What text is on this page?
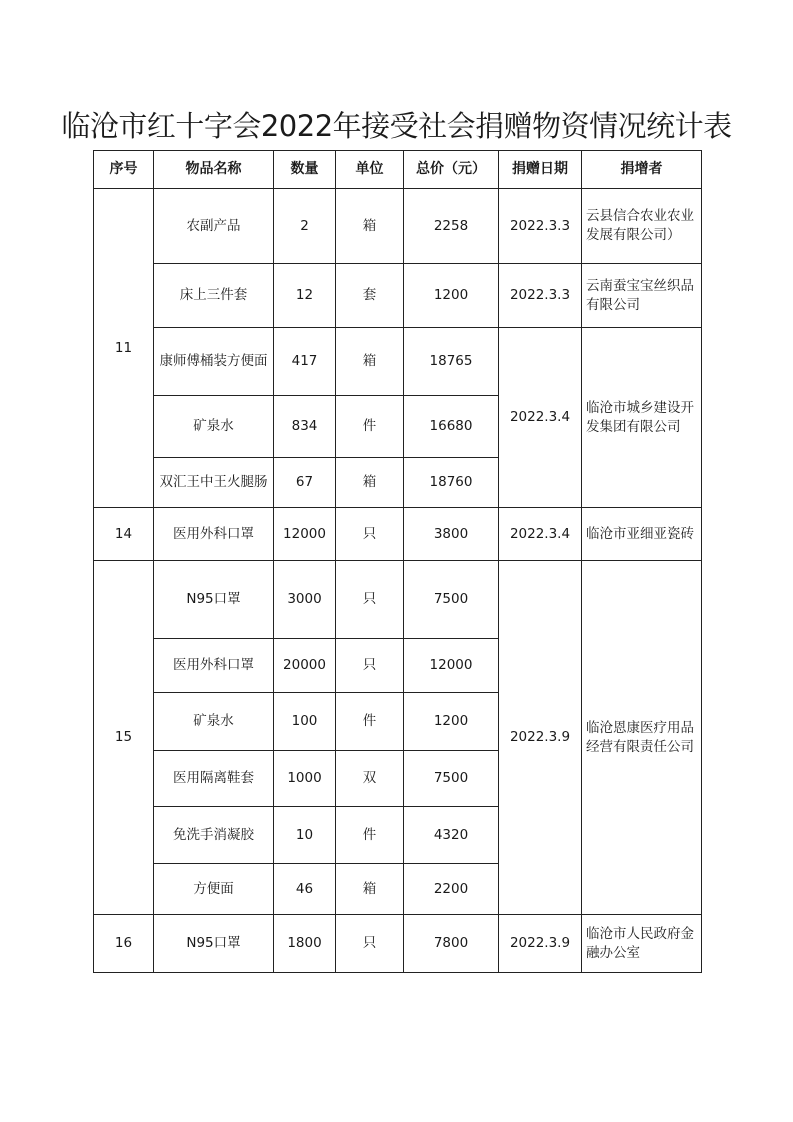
临沧市红十字会2022年接受社会捐赠物资情况统计表
序号	物品名称	数量	单位	总价（元）	捐赠日期	捐增者
11	农副产品	2	箱	2258	2022.3.3	云县信合农业农业发展有限公司）
	床上三件套	12	套	1200	2022.3.3	云南蚕宝宝丝织品有限公司
	康师傅桶装方便面	417	箱	18765	2022.3.4	临沧市城乡建设开发集团有限公司
	矿泉水	834	件	16680		
	双汇王中王火腿肠	67	箱	18760		
14	医用外科口罩	12000	只	3800	2022.3.4	临沧市亚细亚瓷砖
15	N95口罩	3000	只	7500	2022.3.9	临沧恩康医疗用品经营有限责任公司
	医用外科口罩	20000	只	12000		
	矿泉水	100	件	1200		
	医用隔离鞋套	1000	双	7500		
	免洗手消凝胶	10	件	4320		
	方便面	46	箱	2200		
16	N95口罩	1800	只	7800	2022.3.9	临沧市人民政府金融办公室
